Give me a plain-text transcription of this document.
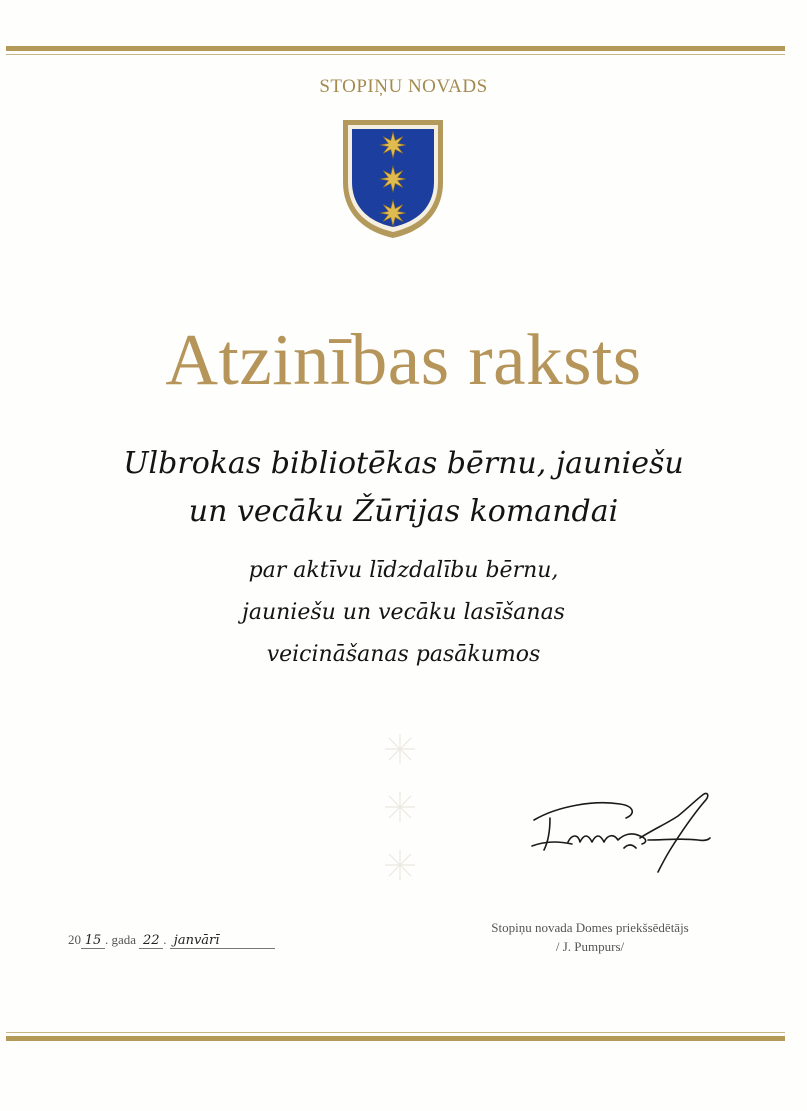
STOPIŅU NOVADS
Atzinības raksts
Ulbrokas bibliotēkas bērnu, jauniešu
un vecāku Žūrijas komandai
par aktīvu līdzdalību bērnu,
jauniešu un vecāku lasīšanas
veicināšanas pasākumos
20 15 . gada 22 . janvārī
Stopiņu novada Domes priekšsēdētājs
/ J. Pumpurs/
